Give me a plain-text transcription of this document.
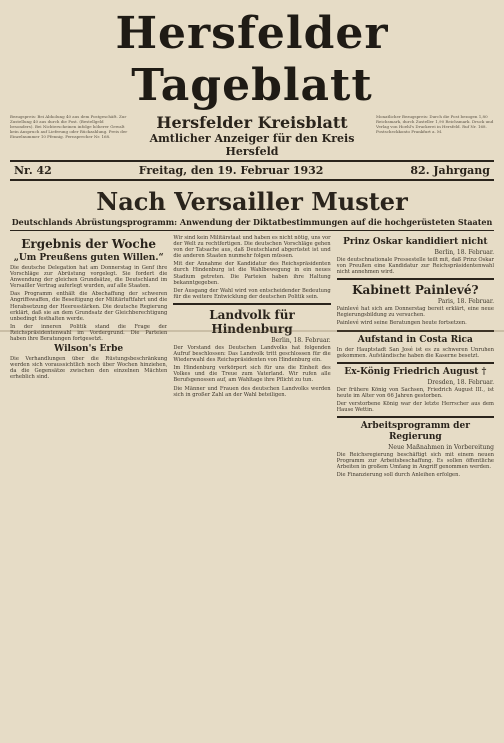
Hersfelder Tageblatt
Bezugspreis: Bei Abholung 40 aus dem Postgeschäft. Zur Zustellung 40 aus durch die Post. (Bestellgeld besonders). Bei Nichterscheinen infolge höherer Gewalt kein Anspruch auf Lieferung oder Rückzahlung. Preis der Einzelnummer 10 Pfennig. Fernsprecher Nr. 168.
Hersfelder Kreisblatt
Amtlicher Anzeiger für den Kreis Hersfeld
Monatlicher Bezugspreis: Durch die Post bezogen 1,80 Reichsmark, durch Zusteller 1,90 Reichsmark. Druck und Verlag von Hoehl's Druckerei in Hersfeld. Ruf Nr. 168. Postscheckkonto Frankfurt a. M.
Nr. 42	Freitag, den 19. Februar 1932	82. Jahrgang
Nach Versailler Muster
Deutschlands Abrüstungsprogramm: Anwendung der Diktatbestimmungen auf die hochgerüsteten Staaten
Ergebnis der Woche
„Um Preußens guten Willen.“

Die deutsche Delegation hat am Donnerstag in Genf ihre Vorschläge zur Abrüstung vorgelegt. Sie fordert die Anwendung der gleichen Grundsätze, die Deutschland im Versailler Vertrag auferlegt wurden, auf alle Staaten.

Das Programm enthält die Abschaffung der schweren Angriffswaffen, die Beseitigung der Militärluftfahrt und die Herabsetzung der Heeresstärken. Die deutsche Regierung erklärt, daß sie an dem Grundsatz der Gleichberechtigung unbedingt festhalten werde.

In der inneren Politik stand die Frage der Reichspräsidentenwahl im Vordergrund. Die Parteien haben ihre Beratungen fortgesetzt.

Wilson's Erbe

Die Verhandlungen über die Rüstungsbeschränkung werden sich voraussichtlich noch über Wochen hinziehen, da die Gegensätze zwischen den einzelnen Mächten erheblich sind.

Wir sind kein Militärstaat und haben es nicht nötig, uns vor der Welt zu rechtfertigen. Die deutschen Vorschläge gehen von der Tatsache aus, daß Deutschland abgerüstet ist und die anderen Staaten nunmehr folgen müssen.

Mit der Annahme der Kandidatur des Reichspräsidenten durch Hindenburg ist die Wahlbewegung in ein neues Stadium getreten. Die Parteien haben ihre Haltung bekanntgegeben.

Der Ausgang der Wahl wird von entscheidender Bedeutung für die weitere Entwicklung der deutschen Politik sein.

Landvolk für Hindenburg
Berlin, 18. Februar.

Der Vorstand des Deutschen Landvolks hat folgenden Aufruf beschlossen: Das Landvolk tritt geschlossen für die Wiederwahl des Reichspräsidenten von Hindenburg ein.

Im Hindenburg verkörpert sich für uns die Einheit des Volkes und die Treue zum Vaterland. Wir rufen alle Berufsgenossen auf, am Wahltage ihre Pflicht zu tun.

Die Männer und Frauen des deutschen Landvolks werden sich in großer Zahl an der Wahl beteiligen.

Prinz Oskar kandidiert nicht
Berlin, 18. Februar.

Die deutschnationale Pressestelle teilt mit, daß Prinz Oskar von Preußen eine Kandidatur zur Reichspräsidentenwahl nicht annehmen wird.

Kabinett Painlevé?
Paris, 18. Februar.

Painlevé hat sich am Donnerstag bereit erklärt, eine neue Regierungsbildung zu versuchen.

Painlevé wird seine Beratungen heute fortsetzen.

Aufstand in Costa Rica

In der Hauptstadt San José ist es zu schweren Unruhen gekommen. Aufständische haben die Kaserne besetzt.

Ex-König Friedrich August †
Dresden, 18. Februar.

Der frühere König von Sachsen, Friedrich August III., ist heute im Alter von 66 Jahren gestorben.

Der verstorbene König war der letzte Herrscher aus dem Hause Wettin.

Arbeitsprogramm der Regierung
Neue Maßnahmen in Vorbereitung

Die Reichsregierung beschäftigt sich mit einem neuen Programm zur Arbeitsbeschaffung. Es sollen öffentliche Arbeiten in großem Umfang in Angriff genommen werden.

Die Finanzierung soll durch Anleihen erfolgen.
